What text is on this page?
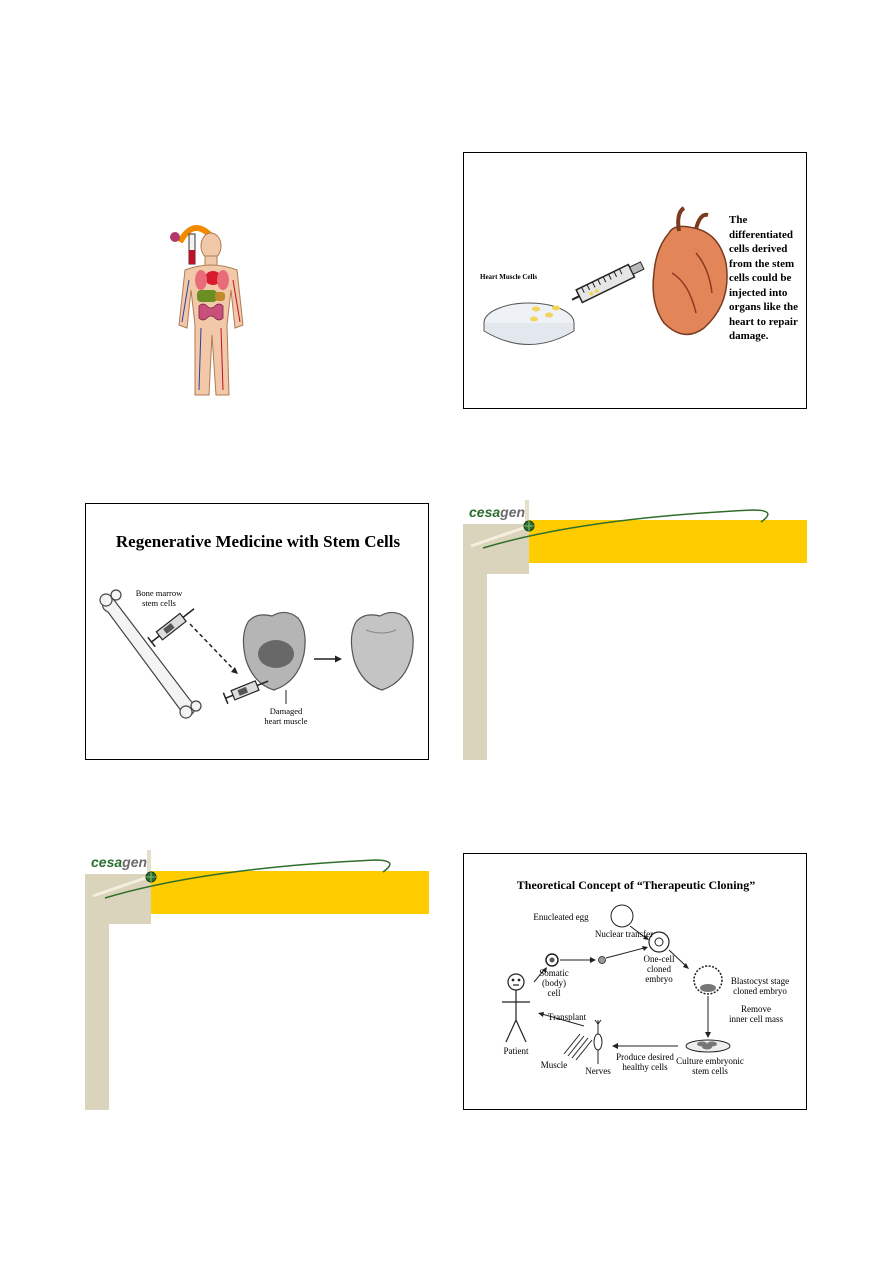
Heart Muscle Cells
The
differentiated
cells derived
from the stem
cells could be
injected into
organs like the
heart to repair
damage.
Regenerative Medicine with Stem Cells
Bone marrow
stem cells
Damaged
heart muscle
cesagen
cesagen
Theoretical Concept of “Therapeutic Cloning”
Enucleated egg
Nuclear transfer
Somatic
(body)
cell
One-cell
cloned
embryo	Blastocyst stage
cloned embryo
Remove
inner cell mass
Culture embryonic
stem cells
Produce desired
healthy cells
Transplant
Patient
Muscle
Nerves
